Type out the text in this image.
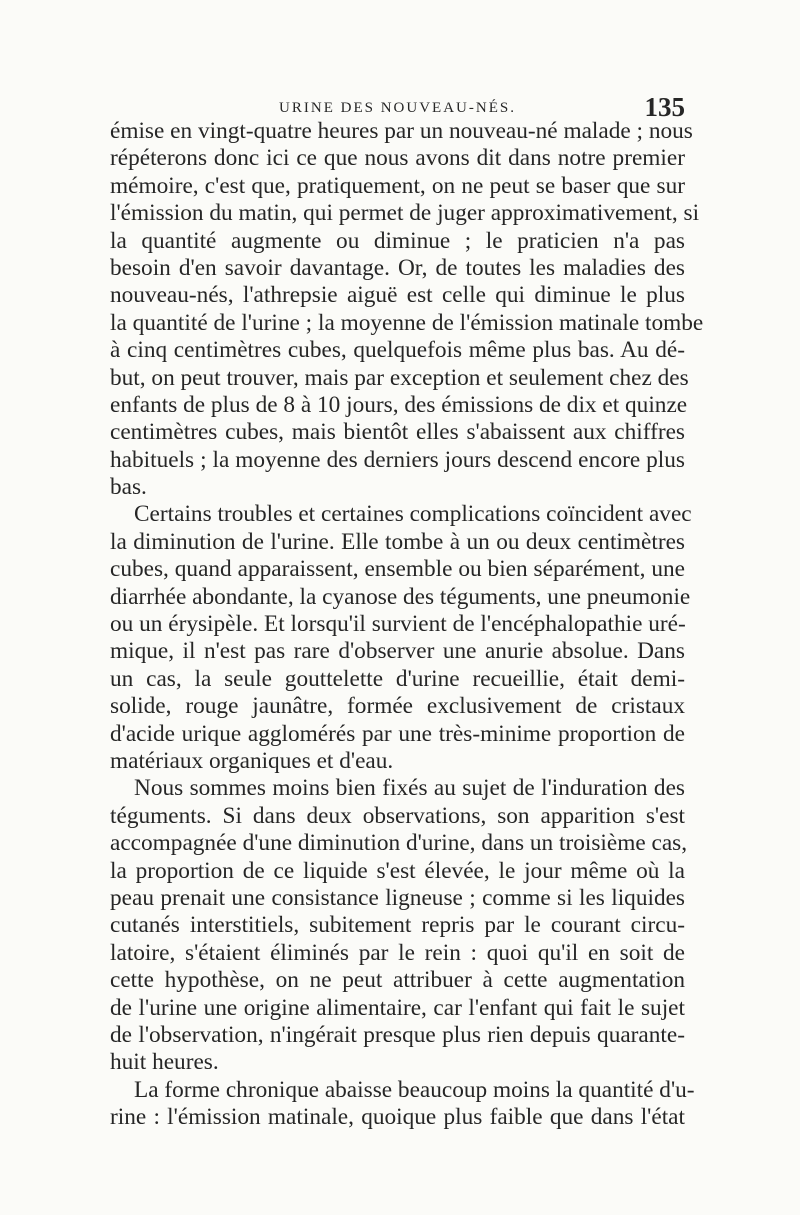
URINE DES NOUVEAU-NÉS.	135
émise en vingt-quatre heures par un nouveau-né malade ; nous
répéterons donc ici ce que nous avons dit dans notre premier
mémoire, c'est que, pratiquement, on ne peut se baser que sur
l'émission du matin, qui permet de juger approximativement, si
la quantité augmente ou diminue ; le praticien n'a pas
besoin d'en savoir davantage. Or, de toutes les maladies des
nouveau-nés, l'athrepsie aiguë est celle qui diminue le plus
la quantité de l'urine ; la moyenne de l'émission matinale tombe
à cinq centimètres cubes, quelquefois même plus bas. Au dé-
but, on peut trouver, mais par exception et seulement chez des
enfants de plus de 8 à 10 jours, des émissions de dix et quinze
centimètres cubes, mais bientôt elles s'abaissent aux chiffres
habituels ; la moyenne des derniers jours descend encore plus
bas.
Certains troubles et certaines complications coïncident avec
la diminution de l'urine. Elle tombe à un ou deux centimètres
cubes, quand apparaissent, ensemble ou bien séparément, une
diarrhée abondante, la cyanose des téguments, une pneumonie
ou un érysipèle. Et lorsqu'il survient de l'encéphalopathie uré-
mique, il n'est pas rare d'observer une anurie absolue. Dans
un cas, la seule gouttelette d'urine recueillie, était demi-
solide, rouge jaunâtre, formée exclusivement de cristaux
d'acide urique agglomérés par une très-minime proportion de
matériaux organiques et d'eau.
Nous sommes moins bien fixés au sujet de l'induration des
téguments. Si dans deux observations, son apparition s'est
accompagnée d'une diminution d'urine, dans un troisième cas,
la proportion de ce liquide s'est élevée, le jour même où la
peau prenait une consistance ligneuse ; comme si les liquides
cutanés interstitiels, subitement repris par le courant circu-
latoire, s'étaient éliminés par le rein : quoi qu'il en soit de
cette hypothèse, on ne peut attribuer à cette augmentation
de l'urine une origine alimentaire, car l'enfant qui fait le sujet
de l'observation, n'ingérait presque plus rien depuis quarante-
huit heures.
La forme chronique abaisse beaucoup moins la quantité d'u-
rine : l'émission matinale, quoique plus faible que dans l'état
